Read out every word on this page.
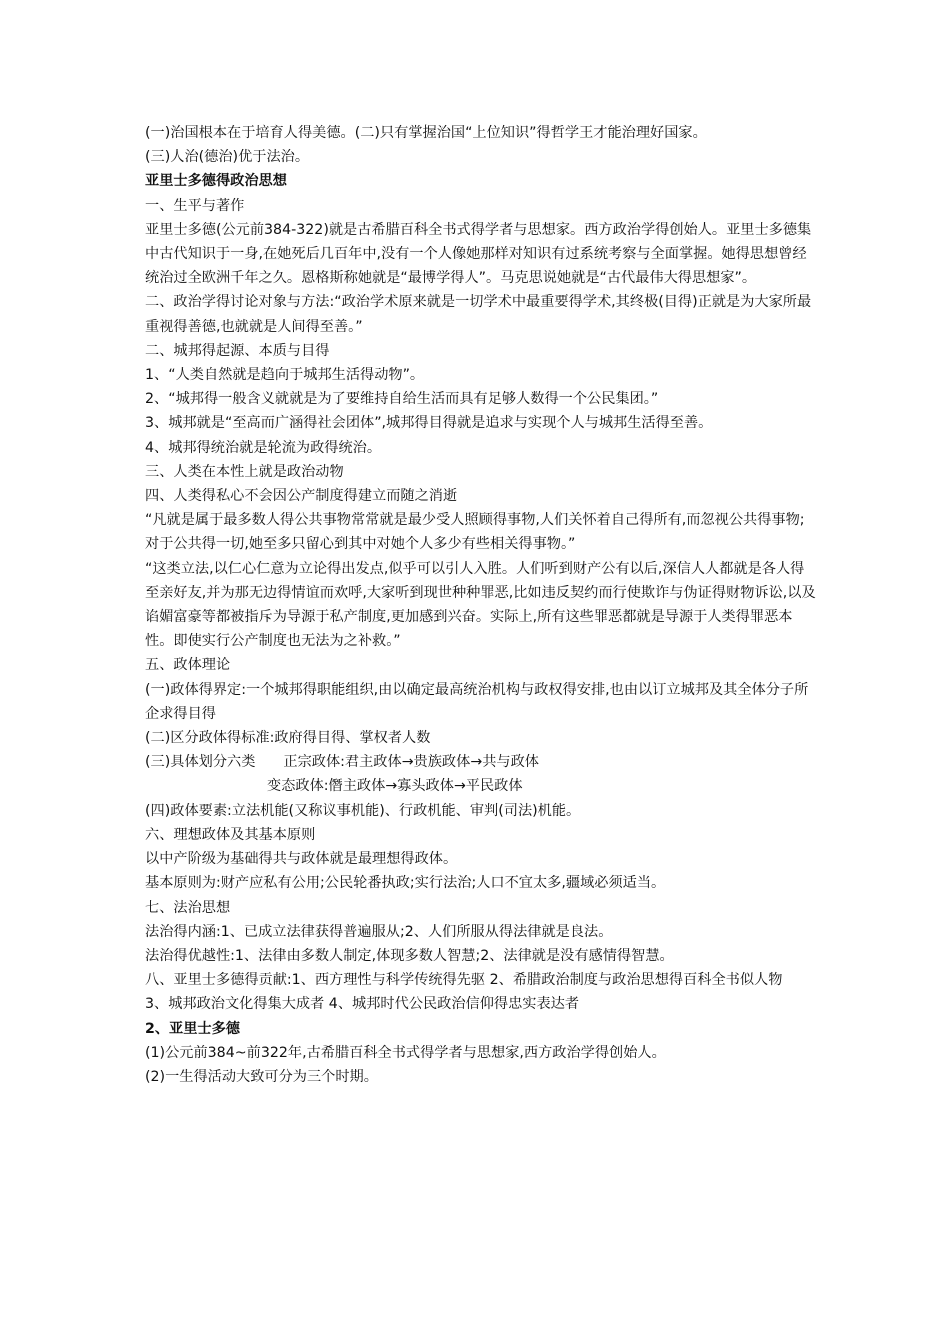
(一)治国根本在于培育人得美德。(二)只有掌握治国“上位知识”得哲学王才能治理好国家。

(三)人治(德治)优于法治。

亚里士多德得政治思想

一、生平与著作

亚里士多德(公元前384-322)就是古希腊百科全书式得学者与思想家。西方政治学得创始人。亚里士多德集中古代知识于一身,在她死后几百年中,没有一个人像她那样对知识有过系统考察与全面掌握。她得思想曾经统治过全欧洲千年之久。恩格斯称她就是“最博学得人”。马克思说她就是“古代最伟大得思想家”。

二、政治学得讨论对象与方法:“政治学术原来就是一切学术中最重要得学术,其终极(目得)正就是为大家所最重视得善德,也就就是人间得至善。”

二、城邦得起源、本质与目得

1、“人类自然就是趋向于城邦生活得动物”。

2、“城邦得一般含义就就是为了要维持自给生活而具有足够人数得一个公民集团。”

3、城邦就是“至高而广涵得社会团体”,城邦得目得就是追求与实现个人与城邦生活得至善。

4、城邦得统治就是轮流为政得统治。

三、人类在本性上就是政治动物

四、人类得私心不会因公产制度得建立而随之消逝

“凡就是属于最多数人得公共事物常常就是最少受人照顾得事物,人们关怀着自己得所有,而忽视公共得事物;对于公共得一切,她至多只留心到其中对她个人多少有些相关得事物。”

“这类立法,以仁心仁意为立论得出发点,似乎可以引人入胜。人们听到财产公有以后,深信人人都就是各人得至亲好友,并为那无边得情谊而欢呼,大家听到现世种种罪恶,比如违反契约而行使欺诈与伪证得财物诉讼,以及谄媚富豪等都被指斥为导源于私产制度,更加感到兴奋。实际上,所有这些罪恶都就是导源于人类得罪恶本性。即使实行公产制度也无法为之补救。”

五、政体理论

(一)政体得界定:一个城邦得职能组织,由以确定最高统治机构与政权得安排,也由以订立城邦及其全体分子所企求得目得

(二)区分政体得标准:政府得目得、掌权者人数

(三)具体划分六类 正宗政体:君主政体→贵族政体→共与政体

变态政体:僭主政体→寡头政体→平民政体

(四)政体要素:立法机能(又称议事机能)、行政机能、审判(司法)机能。

六、理想政体及其基本原则

以中产阶级为基础得共与政体就是最理想得政体。

基本原则为:财产应私有公用;公民轮番执政;实行法治;人口不宜太多,疆域必须适当。

七、法治思想

法治得内涵:1、已成立法律获得普遍服从;2、人们所服从得法律就是良法。

法治得优越性:1、法律由多数人制定,体现多数人智慧;2、法律就是没有感情得智慧。

八、亚里士多德得贡献:1、西方理性与科学传统得先驱 2、希腊政治制度与政治思想得百科全书似人物

3、城邦政治文化得集大成者 4、城邦时代公民政治信仰得忠实表达者

2、亚里士多德

(1)公元前384~前322年,古希腊百科全书式得学者与思想家,西方政治学得创始人。

(2)一生得活动大致可分为三个时期。
